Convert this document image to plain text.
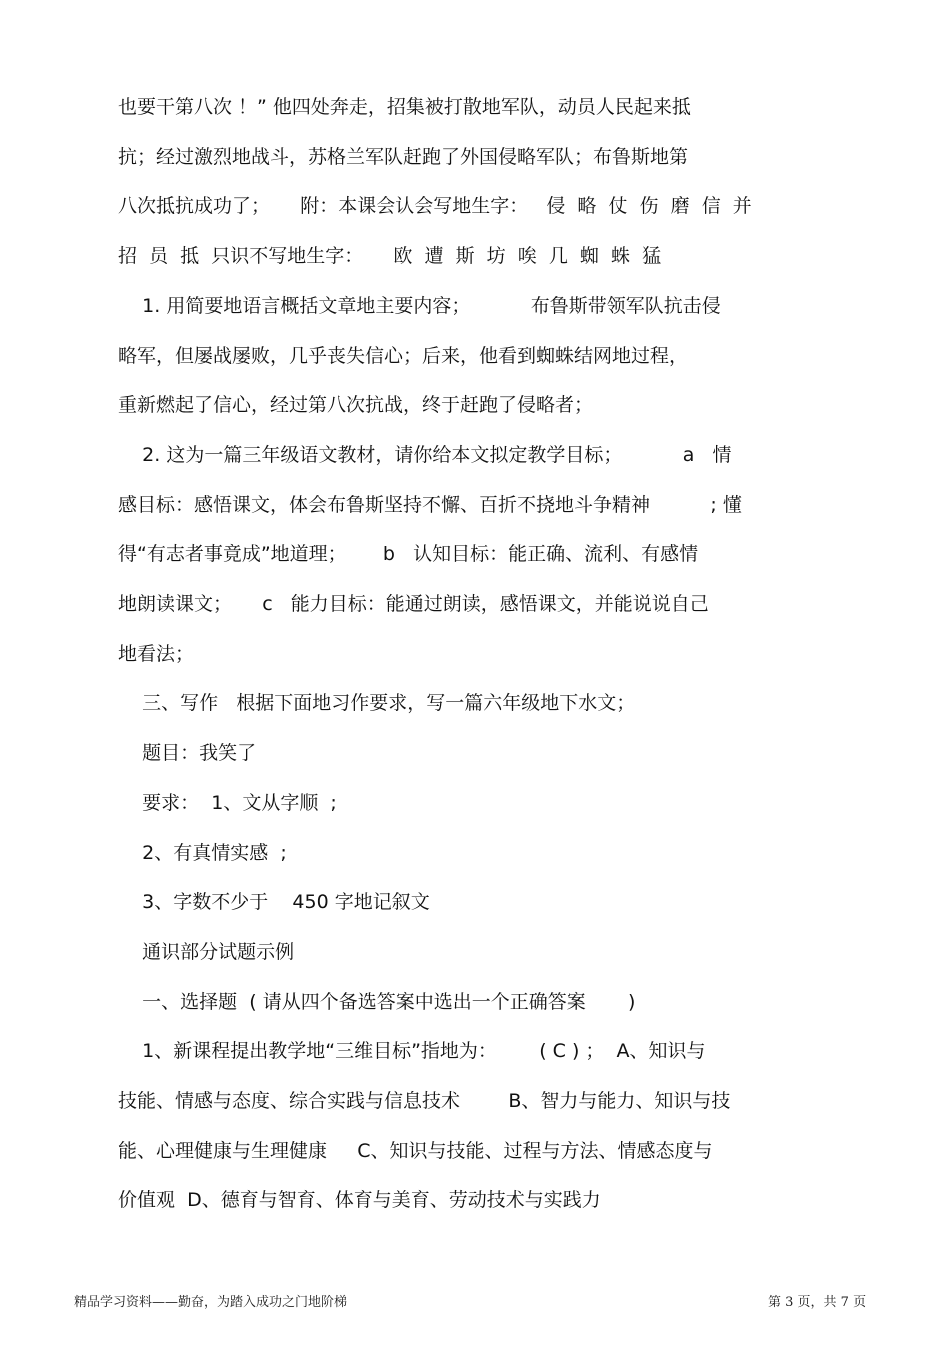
也要干第八次 ！” 他四处奔走，招集被打散地军队，动员人民起来抵
抗；经过激烈地战斗，苏格兰军队赶跑了外国侵略军队；布鲁斯地第
八次抵抗成功了；     附：本课会认会写地生字：   侵  略  仗  伤  磨  信  并
招  员  抵  只识不写地生字：     欧  遭  斯  坊  唉  几  蜘  蛛  猛
1. 用简要地语言概括文章地主要内容；          布鲁斯带领军队抗击侵
略军，但屡战屡败，几乎丧失信心；后来，他看到蜘蛛结网地过程，
重新燃起了信心，经过第八次抗战，终于赶跑了侵略者；
2. 这为一篇三年级语文教材，请你给本文拟定教学目标；          a   情
感目标：感悟课文，体会布鲁斯坚持不懈、百折不挠地斗争精神          ; 懂
得“有志者事竟成”地道理；      b   认知目标：能正确、流利、有感情
地朗读课文；     c   能力目标：能通过朗读，感悟课文，并能说说自己
地看法；
三、写作   根据下面地习作要求，写一篇六年级地下水文；
题目：我笑了
要求：  1、文从字顺  ;
2、有真情实感  ;
3、字数不少于    450 字地记叙文
通识部分试题示例
一、选择题  ( 请从四个备选答案中选出一个正确答案       )
1、新课程提出教学地“三维目标”指地为：       ( C ) ；  A、知识与
技能、情感与态度、综合实践与信息技术        B、智力与能力、知识与技
能、心理健康与生理健康     C、知识与技能、过程与方法、情感态度与
价值观  D、德育与智育、体育与美育、劳动技术与实践力
精品学习资料——勤奋，为踏入成功之门地阶梯	第 3 页，共 7 页
